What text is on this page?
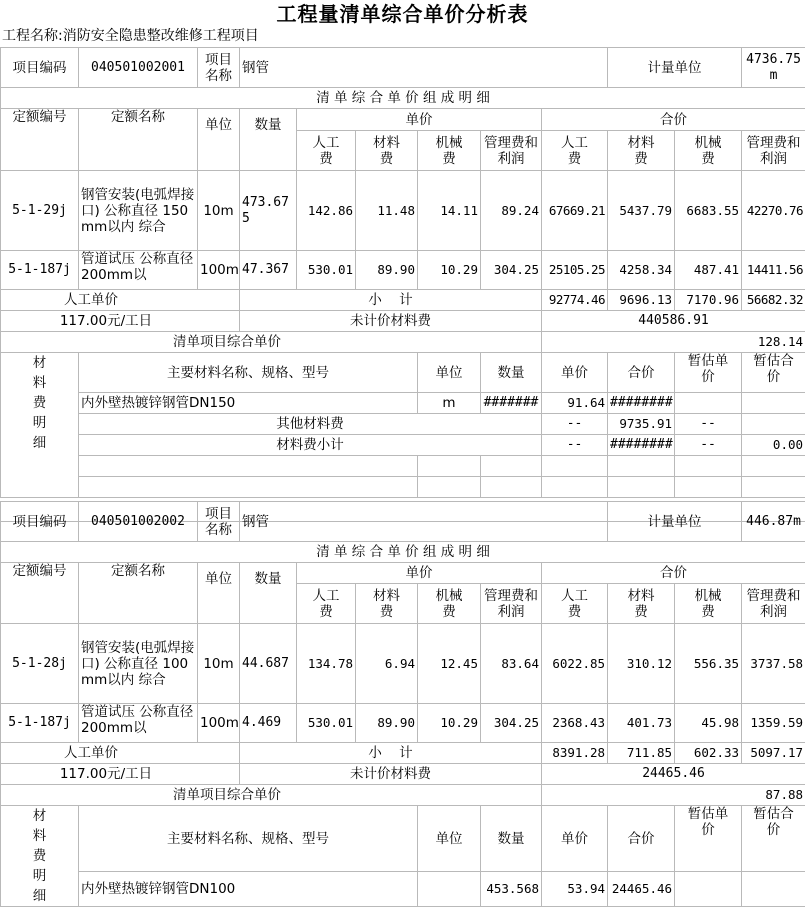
工程量清单综合单价分析表
工程名称:消防安全隐患整改维修工程项目
项目编码	040501002001	项目名称	钢管						计量单位		4736.75
m
清 单 综 合 单 价 组 成 明 细											
定额编号	定额名称	单位	数量	单价				合价			
				人工费	材料费	机械费	管理费和利润	人工费	材料费	机械费	管理费和利润
5-1-29j	钢管安装(电弧焊接口) 公称直径 150mm以内 综合	10m	473.675	142.86	11.48	14.11	89.24	67669.21	5437.79	6683.55	42270.76
5-1-187j	管道试压 公称直径 200mm以	100m	47.367	530.01	89.90	10.29	304.25	25105.25	4258.34	487.41	14411.56
人工单价			小    计					92774.46	9696.13	7170.96	56682.32
117.00元/工日			未计价材料费					440586.91			
清单项目综合单价								128.14			
材料费明细	主要材料名称、规格、型号					单位	数量	单价	合价	暂估单价	暂估合价
	内外壁热镀锌钢管DN150					m	#######	91.64	########		
	其他材料费							--	9735.91	--	
	材料费小计							--	########	--	0.00

项目编码	040501002002	项目名称	钢管						计量单位		446.87m
清 单 综 合 单 价 组 成 明 细											
定额编号	定额名称	单位	数量	单价				合价			
				人工费	材料费	机械费	管理费和利润	人工费	材料费	机械费	管理费和利润
5-1-28j	钢管安装(电弧焊接口) 公称直径 100mm以内 综合	10m	44.687	134.78	6.94	12.45	83.64	6022.85	310.12	556.35	3737.58
5-1-187j	管道试压 公称直径 200mm以	100m	4.469	530.01	89.90	10.29	304.25	2368.43	401.73	45.98	1359.59
人工单价			小    计					8391.28	711.85	602.33	5097.17
117.00元/工日			未计价材料费					24465.46			
清单项目综合单价								87.88			
材料费明细	主要材料名称、规格、型号					单位	数量	单价	合价	暂估单价	暂估合价
	内外壁热镀锌钢管DN100						453.568	53.94	24465.46		
